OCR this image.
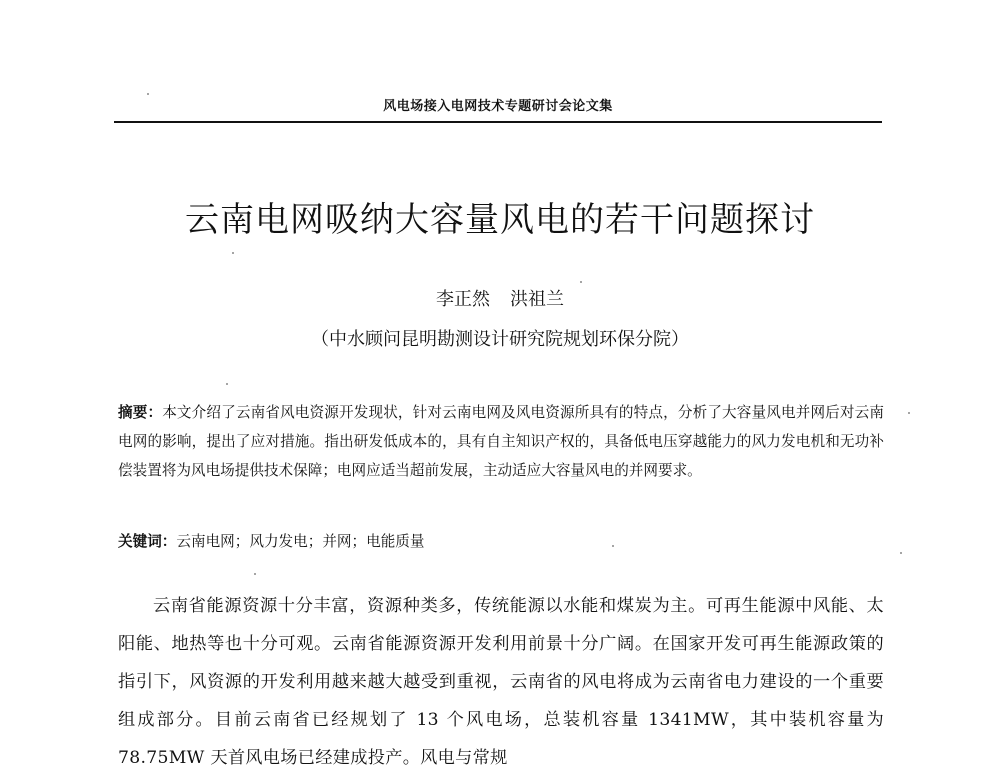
风电场接入电网技术专题研讨会论文集
云南电网吸纳大容量风电的若干问题探讨
李正然 洪祖兰
（中水顾问昆明勘测设计研究院规划环保分院）
摘要：本文介绍了云南省风电资源开发现状，针对云南电网及风电资源所具有的特点，分析了大容量风电并网后对云南电网的影响，提出了应对措施。指出研发低成本的，具有自主知识产权的，具备低电压穿越能力的风力发电机和无功补偿装置将为风电场提供技术保障；电网应适当超前发展，主动适应大容量风电的并网要求。
关键词：云南电网；风力发电；并网；电能质量
云南省能源资源十分丰富，资源种类多，传统能源以水能和煤炭为主。可再生能源中风能、太阳能、地热等也十分可观。云南省能源资源开发利用前景十分广阔。在国家开发可再生能源政策的指引下，风资源的开发利用越来越大越受到重视，云南省的风电将成为云南省电力建设的一个重要组成部分。目前云南省已经规划了 13 个风电场，总装机容量 1341MW，其中装机容量为 78.75MW 天首风电场已经建成投产。风电与常规
